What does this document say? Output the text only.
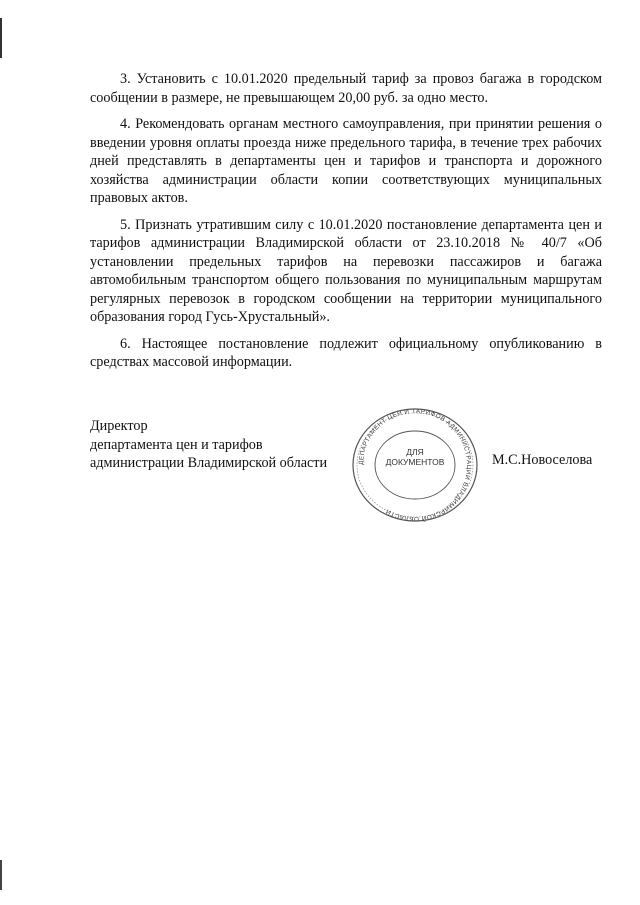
3. Установить с 10.01.2020 предельный тариф за провоз багажа в городском сообщении в размере, не превышающем 20,00 руб. за одно место.

4. Рекомендовать органам местного самоуправления, при принятии решения о введении уровня оплаты проезда ниже предельного тарифа, в течение трех рабочих дней представлять в департаменты цен и тарифов и транспорта и дорожного хозяйства администрации области копии соответствующих муниципальных правовых актов.

5. Признать утратившим силу с 10.01.2020 постановление департамента цен и тарифов администрации Владимирской области от 23.10.2018 № 40/7 «Об установлении предельных тарифов на перевозки пассажиров и багажа автомобильным транспортом общего пользования по муниципальным маршрутам регулярных перевозок в городском сообщении на территории муниципального образования город Гусь-Хрустальный».

6. Настоящее постановление подлежит официальному опубликованию в средствах массовой информации.

Директор
департамента цен и тарифов
администрации Владимирской области	ДЕПАРТАМЕНТ ЦЕН И ТАРИФОВ АДМИНИСТРАЦИИ ВЛАДИМИРСКОЙ ОБЛАСТИ
ДЛЯ
ДОКУМЕНТОВ	М.С.Новоселова
